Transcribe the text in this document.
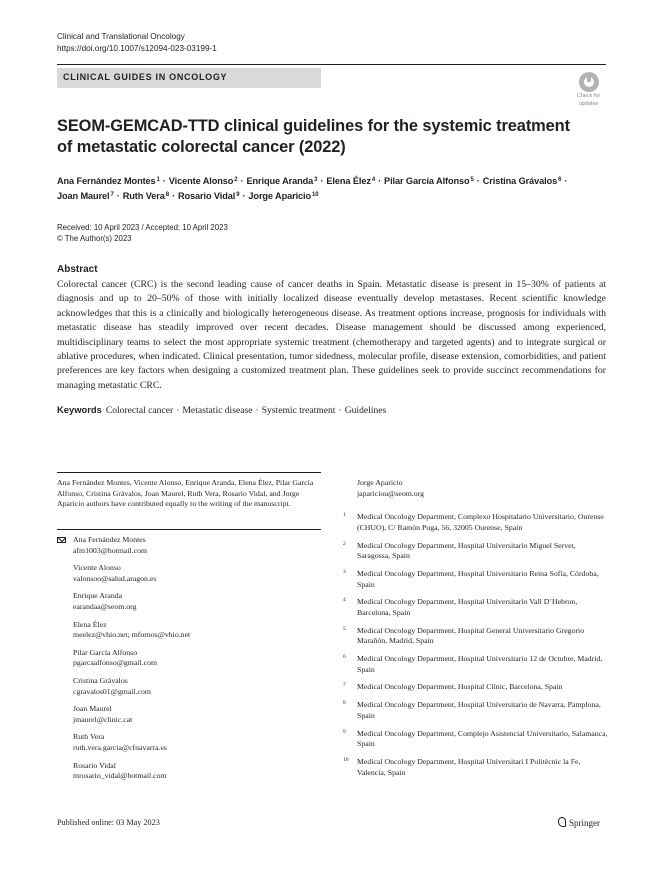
Clinical and Translational Oncology
https://doi.org/10.1007/s12094-023-03199-1
CLINICAL GUIDES IN ONCOLOGY
Check for
updates
SEOM-GEMCAD-TTD clinical guidelines for the systemic treatment
of metastatic colorectal cancer (2022)
Ana Fernández Montes$^1$ · Vicente Alonso$^2$ · Enrique Aranda$^3$ · Elena Élez$^4$ · Pilar García Alfonso$^5$ · Cristina Grávalos$^6$ ·
Joan Maurel$^7$ · Ruth Vera$^8$ · Rosario Vidal$^9$ · Jorge Aparicio$^{10}$
Received: 10 April 2023 / Accepted: 10 April 2023
© The Author(s) 2023
Abstract
Colorectal cancer (CRC) is the second leading cause of cancer deaths in Spain. Metastatic disease is present in 15–30% of patients at diagnosis and up to 20–50% of those with initially localized disease eventually develop metastases. Recent scientific knowledge acknowledges that this is a clinically and biologically heterogeneous disease. As treatment options increase, prognosis for individuals with metastatic disease has steadily improved over recent decades. Disease management should be discussed among experienced, multidisciplinary teams to select the most appropriate systemic treatment (chemotherapy and targeted agents) and to integrate surgical or ablative procedures, when indicated. Clinical presentation, tumor sidedness, molecular profile, disease extension, comorbidities, and patient preferences are key factors when designing a customized treatment plan. These guidelines seek to provide succinct recommendations for managing metastatic CRC.
Keywords Colorectal cancer · Metastatic disease · Systemic treatment · Guidelines
Ana Fernández Montes, Vicente Alonso, Enrique Aranda, Elena Élez, Pilar García Alfonso, Cristina Grávalos, Joan Maurel, Ruth Vera, Rosario Vidal, and Jorge Aparicio authors have contributed equally to the writing of the manuscript.
Ana Fernández Montes
afm1003@hotmail.com
Vicente Alonso
valonsoo@salud.aragon.es
Enrique Aranda
earandaa@seom.org
Elena Élez
meelez@vhio.net; mfornos@vhio.net
Pilar García Alfonso
pgarcaalfonso@gmail.com
Cristina Grávalos
cgravalos01@gmail.com
Joan Maurel
jmaurel@clinic.cat
Ruth Vera
ruth.vera.garcia@cfnavarra.es
Rosario Vidal
mrosario_vidal@hotmail.com
Jorge Aparicio
japariciou@seom.org
1 Medical Oncology Department, Complexo Hospitalario Universitario, Ourense (CHUO), C/ Ramón Puga, 56, 32005 Ourense, Spain
2 Medical Oncology Department, Hospital Universitario Miguel Servet, Saragossa, Spain
3 Medical Oncology Department, Hospital Universitario Reina Sofía, Córdoba, Spain
4 Medical Oncology Department, Hospital Universitario Vall D’Hebron, Barcelona, Spain
5 Medical Oncology Department, Hospital General Universitario Gregorio Marañón, Madrid, Spain
6 Medical Oncology Department, Hospital Universitario 12 de Octubre, Madrid, Spain
7 Medical Oncology Department, Hospital Clínic, Barcelona, Spain
8 Medical Oncology Department, Hospital Universitario de Navarra, Pamplona, Spain
9 Medical Oncology Department, Complejo Asistencial Universitario, Salamanca, Spain
10 Medical Oncology Department, Hospital Universitari I Politècnic la Fe, Valencia, Spain
Published online: 03 May 2023	Springer
